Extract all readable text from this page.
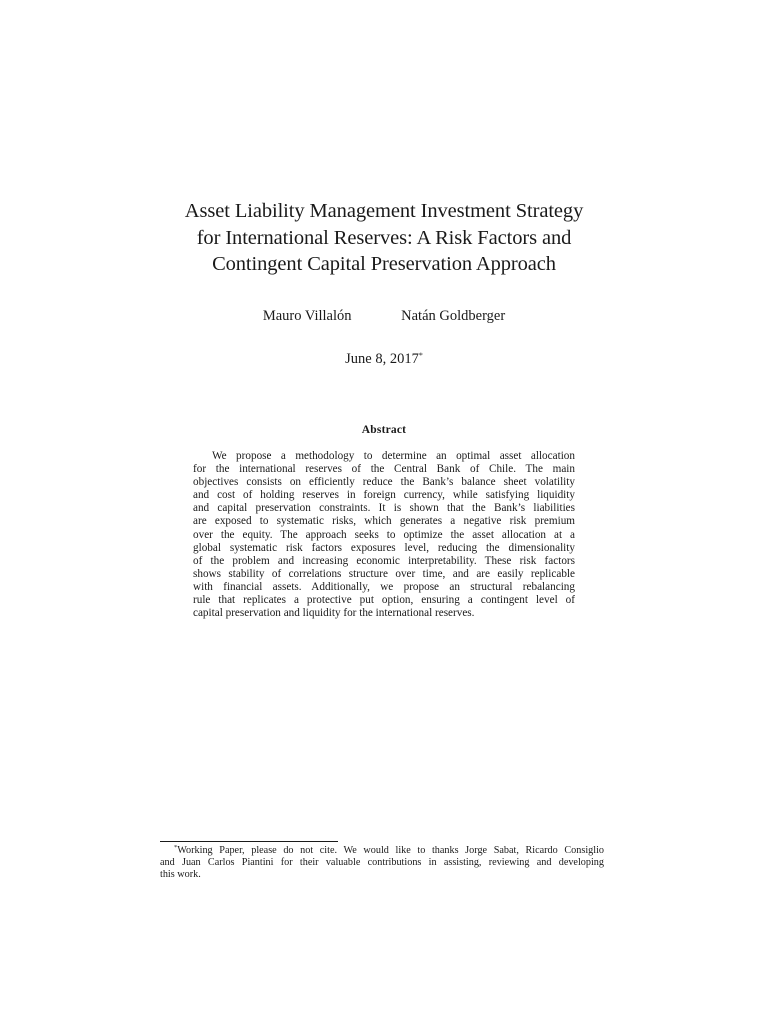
Asset Liability Management Investment Strategy
for International Reserves: A Risk Factors and
Contingent Capital Preservation Approach
Mauro Villalón	Natán Goldberger
June 8, 2017*
Abstract
We propose a methodology to determine an optimal asset allocation
for the international reserves of the Central Bank of Chile. The main
objectives consists on efficiently reduce the Bank’s balance sheet volatility
and cost of holding reserves in foreign currency, while satisfying liquidity
and capital preservation constraints. It is shown that the Bank’s liabilities
are exposed to systematic risks, which generates a negative risk premium
over the equity. The approach seeks to optimize the asset allocation at a
global systematic risk factors exposures level, reducing the dimensionality
of the problem and increasing economic interpretability. These risk factors
shows stability of correlations structure over time, and are easily replicable
with financial assets. Additionally, we propose an structural rebalancing
rule that replicates a protective put option, ensuring a contingent level of
capital preservation and liquidity for the international reserves.
*Working Paper, please do not cite. We would like to thanks Jorge Sabat, Ricardo Consiglio
and Juan Carlos Piantini for their valuable contributions in assisting, reviewing and developing
this work.
